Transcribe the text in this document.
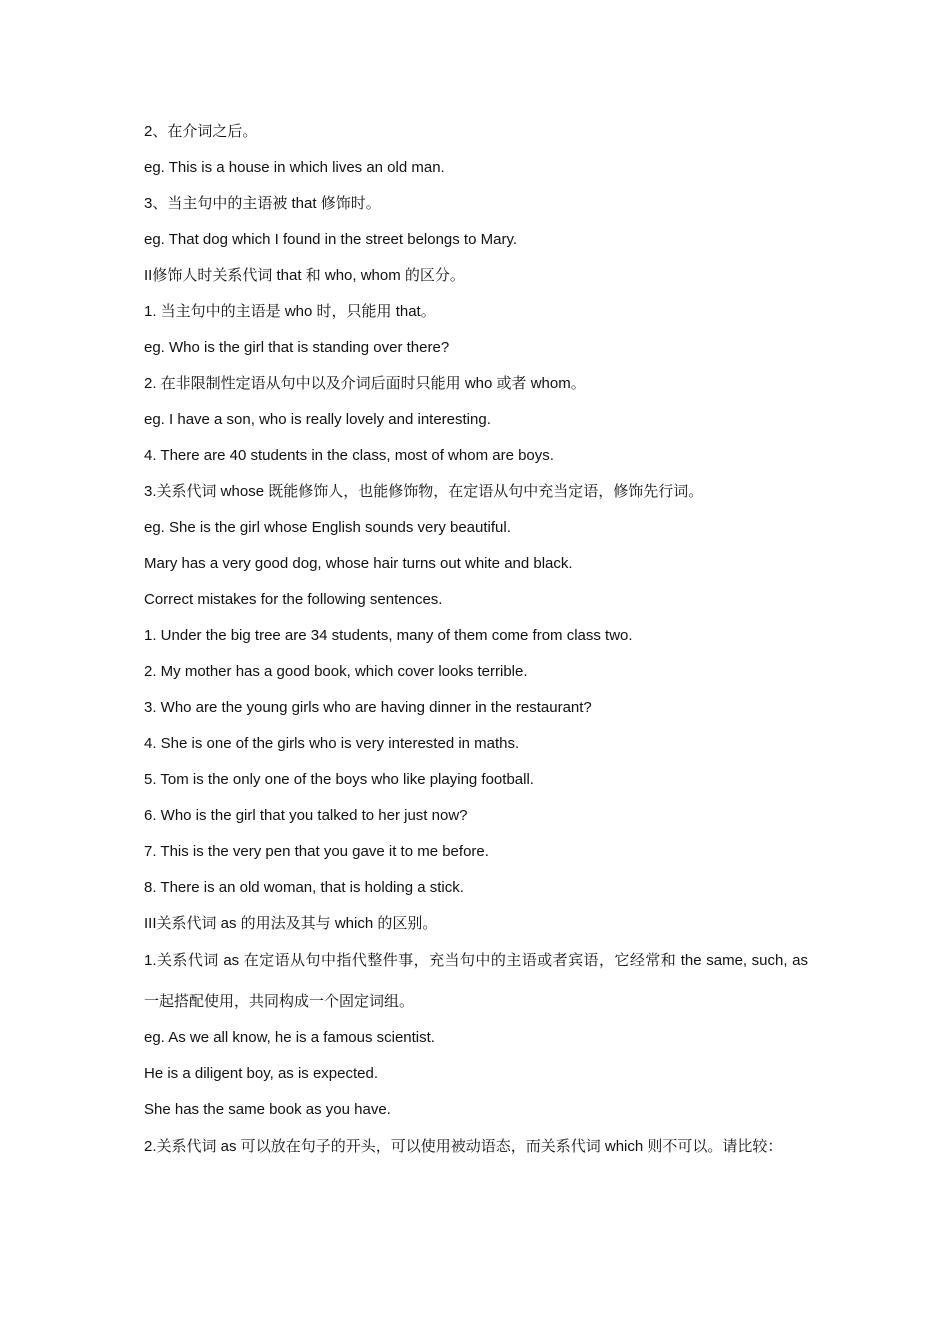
2、在介词之后。
eg. This is a house in which lives an old man.
3、当主句中的主语被 that 修饰时。
eg. That dog which I found in the street belongs to Mary.
II修饰人时关系代词 that 和 who, whom 的区分。
1. 当主句中的主语是 who 时，只能用 that。
eg. Who is the girl that is standing over there?
2. 在非限制性定语从句中以及介词后面时只能用 who 或者 whom。
eg. I have a son, who is really lovely and interesting.
4. There are 40 students in the class, most of whom are boys.
3.关系代词 whose 既能修饰人，也能修饰物，在定语从句中充当定语，修饰先行词。
eg. She is the girl whose English sounds very beautiful.
Mary has a very good dog, whose hair turns out white and black.
Correct mistakes for the following sentences.
1. Under the big tree are 34 students, many of them come from class two.
2. My mother has a good book, which cover looks terrible.
3. Who are the young girls who are having dinner in the restaurant?
4. She is one of the girls who is very interested in maths.
5. Tom is the only one of the boys who like playing football.
6. Who is the girl that you talked to her just now?
7. This is the very pen that you gave it to me before.
8. There is an old woman, that is holding a stick.
III关系代词 as 的用法及其与 which 的区别。
1.关系代词 as 在定语从句中指代整件事，充当句中的主语或者宾语，它经常和 the same, such, as 一起搭配使用，共同构成一个固定词组。
eg. As we all know, he is a famous scientist.
He is a diligent boy, as is expected.
She has the same book as you have.
2.关系代词 as 可以放在句子的开头，可以使用被动语态，而关系代词 which 则不可以。请比较：
